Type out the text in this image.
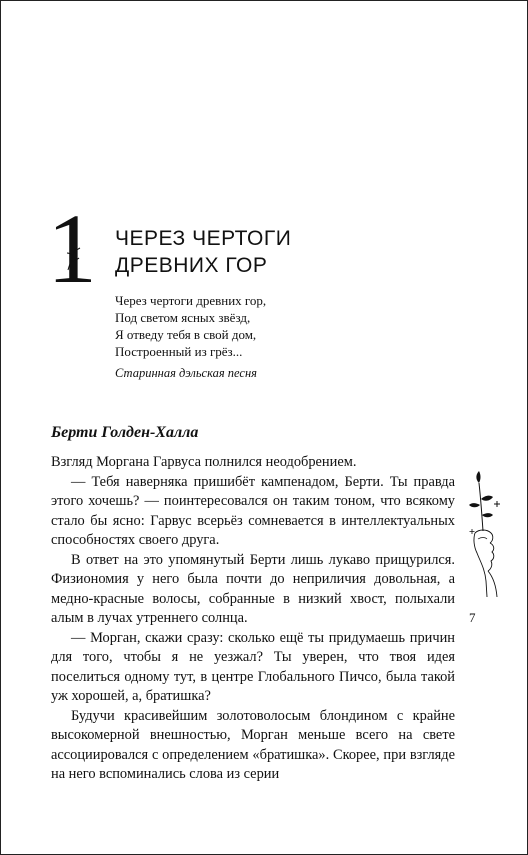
1 ЧЕРЕЗ ЧЕРТОГИ
ДРЕВНИХ ГОР
Через чертоги древних гор,
Под светом ясных звёзд,
Я отведу тебя в свой дом,
Построенный из грёз...
Старинная дэльская песня
Берти Голден-Халла

Взгляд Моргана Гарвуса полнился неодобрением.

— Тебя наверняка пришибёт кампенадом, Берти. Ты правда этого хочешь? — поинтересовался он таким тоном, что всякому стало бы ясно: Гарвус всерьёз сомневается в интеллектуальных способностях своего друга.

В ответ на это упомянутый Берти лишь лукаво прищурился. Физиономия у него была почти до неприличия довольная, а медно-красные волосы, собранные в низкий хвост, полыхали алым в лучах утреннего солнца.

— Морган, скажи сразу: сколько ещё ты придумаешь причин для того, чтобы я не уезжал? Ты уверен, что твоя идея поселиться одному тут, в центре Глобального Пичсо, была такой уж хорошей, а, братишка?

Будучи красивейшим золотоволосым блондином с крайне высокомерной внешностью, Морган меньше всего на свете ассоциировался с определением «братишка». Скорее, при взгляде на него вспоминались слова из серии

7
